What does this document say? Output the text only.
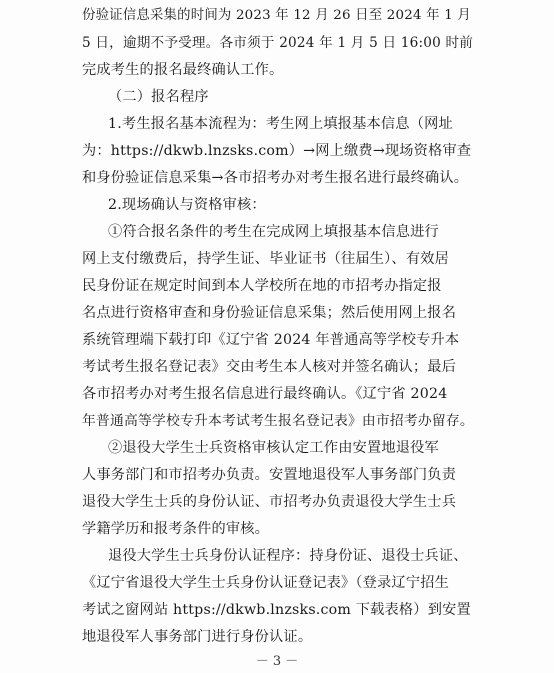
份验证信息采集的时间为 2023 年 12 月 26 日至 2024 年 1 月
5 日，逾期不予受理。各市须于 2024 年 1 月 5 日 16:00 时前
完成考生的报名最终确认工作。
（二）报名程序
1.考生报名基本流程为：考生网上填报基本信息（网址
为：https://dkwb.lnzsks.com）→网上缴费→现场资格审查
和身份验证信息采集→各市招考办对考生报名进行最终确认。
2.现场确认与资格审核：
①符合报名条件的考生在完成网上填报基本信息进行
网上支付缴费后，持学生证、毕业证书（往届生）、有效居
民身份证在规定时间到本人学校所在地的市招考办指定报
名点进行资格审查和身份验证信息采集；然后使用网上报名
系统管理端下载打印《辽宁省 2024 年普通高等学校专升本
考试考生报名登记表》交由考生本人核对并签名确认；最后
各市招考办对考生报名信息进行最终确认。《辽宁省 2024
年普通高等学校专升本考试考生报名登记表》由市招考办留存。
②退役大学生士兵资格审核认定工作由安置地退役军
人事务部门和市招考办负责。安置地退役军人事务部门负责
退役大学生士兵的身份认证、市招考办负责退役大学生士兵
学籍学历和报考条件的审核。
退役大学生士兵身份认证程序：持身份证、退役士兵证、
《辽宁省退役大学生士兵身份认证登记表》（登录辽宁招生
考试之窗网站 https://dkwb.lnzsks.com 下载表格）到安置
地退役军人事务部门进行身份认证。
－ 3 －
